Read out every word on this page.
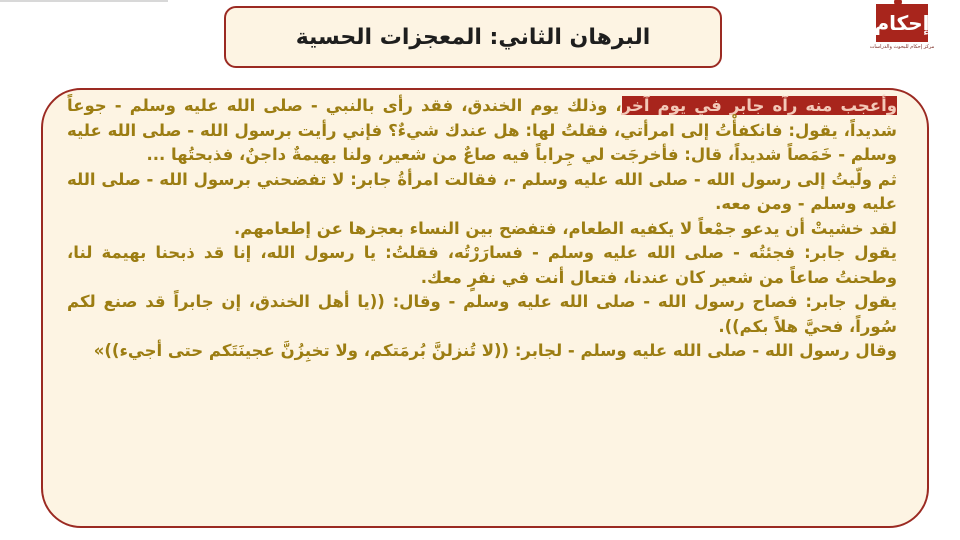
البرهان الثاني: المعجزات الحسية
إحكام
مركز إحكام للبحوث والدراسات

وأعجب منه رآه جابر في يوم آخر، وذلك يوم الخندق، فقد رأى بالنبي - صلى الله عليه وسلم - جوعاً شديداً، يقول: فانكفأْتُ إلى امرأتي، فقلتُ لها: هل عندك شيءٌ؟ فإني رأيت برسول الله - صلى الله عليه وسلم - خَمَصاً شديداً، قال: فأخرجَت لي جِراباً فيه صاعٌ من شعير، ولنا بهيمةٌ داجنٌ، فذبحتُها ...

ثم ولّيتُ إلى رسول الله - صلى الله عليه وسلم -، فقالت امرأةُ جابر: لا تفضحني برسول الله - صلى الله عليه وسلم - ومن معه.

لقد خشيتْ أن يدعو جمْعاً لا يكفيه الطعام، فتفضح بين النساء بعجزها عن إطعامهم.

يقول جابر: فجئتُه - صلى الله عليه وسلم - فسارَرْتُه، فقلتُ: يا رسول الله، إنا قد ذبحنا بهيمة لنا، وطحنتُ صاعاً من شعير كان عندنا، فتعال أنت في نفرٍ معك.

يقول جابر: فصاح رسول الله - صلى الله عليه وسلم - وقال: ((يا أهل الخندق، إن جابراً قد صنع لكم سُوراً، فحيَّ هلاً بكم)).

وقال رسول الله - صلى الله عليه وسلم - لجابر: ((لا تُنزلنَّ بُرمَتكم، ولا تخبِزُنَّ عجينَتَكم حتى أجيء))»
